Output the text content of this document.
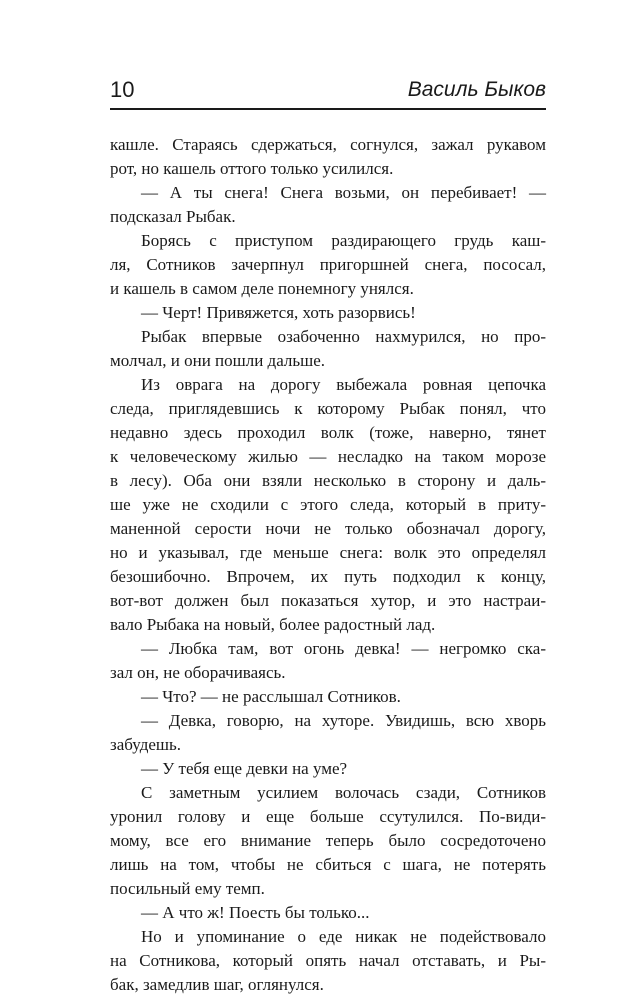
10	Василь Быков
кашле. Стараясь сдержаться, согнулся, зажал рукавом
рот, но кашель оттого только усилился.
— А ты снега! Снега возьми, он перебивает! —
подсказал Рыбак.
Борясь с приступом раздирающего грудь каш-
ля, Сотников зачерпнул пригоршней снега, пососал,
и кашель в самом деле понемногу унялся.
— Черт! Привяжется, хоть разорвись!
Рыбак впервые озабоченно нахмурился, но про-
молчал, и они пошли дальше.
Из оврага на дорогу выбежала ровная цепочка
следа, приглядевшись к которому Рыбак понял, что
недавно здесь проходил волк (тоже, наверно, тянет
к человеческому жилью — несладко на таком морозе
в лесу). Оба они взяли несколько в сторону и даль-
ше уже не сходили с этого следа, который в приту-
маненной серости ночи не только обозначал дорогу,
но и указывал, где меньше снега: волк это определял
безошибочно. Впрочем, их путь подходил к концу,
вот-вот должен был показаться хутор, и это настраи-
вало Рыбака на новый, более радостный лад.
— Любка там, вот огонь девка! — негромко ска-
зал он, не оборачиваясь.
— Что? — не расслышал Сотников.
— Девка, говорю, на хуторе. Увидишь, всю хворь
забудешь.
— У тебя еще девки на уме?
С заметным усилием волочась сзади, Сотников
уронил голову и еще больше ссутулился. По-види-
мому, все его внимание теперь было сосредоточено
лишь на том, чтобы не сбиться с шага, не потерять
посильный ему темп.
— А что ж! Поесть бы только...
Но и упоминание о еде никак не подействовало
на Сотникова, который опять начал отставать, и Ры-
бак, замедлив шаг, оглянулся.
